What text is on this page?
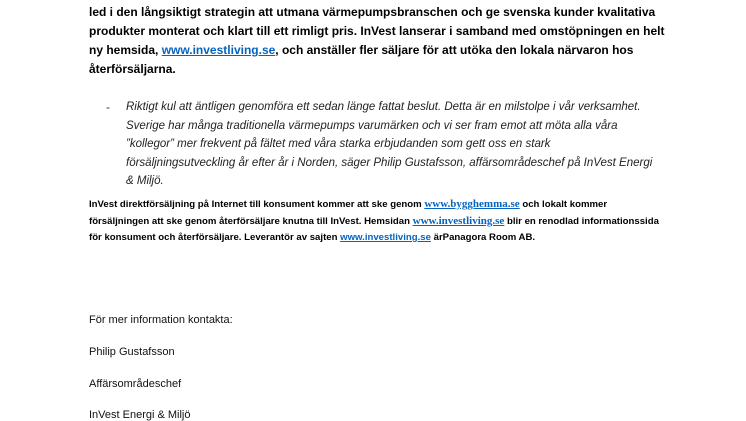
led i den långsiktigt strategin att utmana värmepumpsbranschen och ge svenska kunder kvalitativa produkter monterat och klart till ett rimligt pris. InVest lanserar i samband med omstöpningen en helt ny hemsida, www.investliving.se, och anställer fler säljare för att utöka den lokala närvaron hos återförsäljarna.

- Riktigt kul att äntligen genomföra ett sedan länge fattat beslut. Detta är en milstolpe i vår verksamhet. Sverige har många traditionella värmepumps varumärken och vi ser fram emot att möta alla våra ”kollegor” mer frekvent på fältet med våra starka erbjudanden som gett oss en stark försäljningsutveckling år efter år i Norden, säger Philip Gustafsson, affärsområdeschef på InVest Energi & Miljö.

InVest direktförsäljning på Internet till konsument kommer att ske genom www.bygghemma.se och lokalt kommer försäljningen att ske genom återförsäljare knutna till InVest. Hemsidan www.investliving.se blir en renodlad informationssida för konsument och återförsäljare. Leverantör av sajten www.investliving.se ärPanagora Room AB.

För mer information kontakta:
Philip Gustafsson
Affärsområdeschef
InVest Energi & Miljö
